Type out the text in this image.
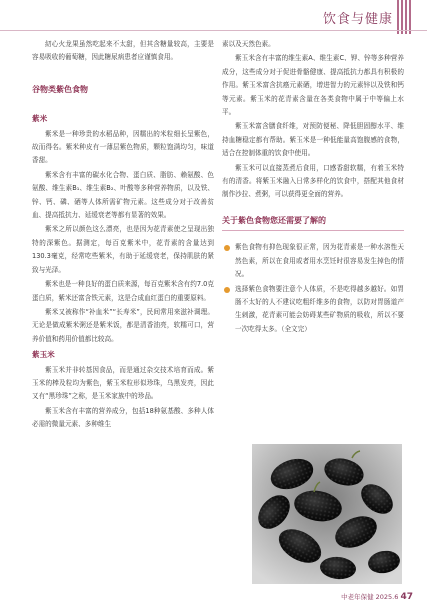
饮食与健康

糿心火龙果虽然吃起来不太甜，但其含糖量较高，主要是容易吸收的葡萄糖，因此糖尿病患者应谨慎食用。

谷物类紫色食物
紫米

紫米是一种珍贵的水稻品种，因糯出的米粒细长呈紫色，故而得名。紫米种皮有一薄层紫色物质，颗粒饱满均匀，味道香甜。

紫米含有丰富的碳水化合物、蛋白质、脂肪、赖氨酸、色氨酸、维生素B₁、维生素B₂、叶酸等多种营养物质，以及铁、锌、钙、磷、硒等人体所需矿物元素。这些成分对于改善贫血、提高抵抗力、延缓衰老等都有显著的效果。

紫米之所以颜色这么漂亮，也是因为花青素使之呈现出独特的深紫色。据测定，每百克紫米中，花青素的含量达到130.3毫克，经常吃些紫米，有助于延缓衰老，保持肌肤的紧致与光泽。

紫米也是一种良好的蛋白质来源，每百克紫米含有约7.0克蛋白质，紫米还富含铁元素，这是合成血红蛋白的重要原料。

紫米又被称作“补血米”“长寿米”，民间常用来滋补调理。无论是做成紫米粥还是紫米饭，都是清香油亮，软糯可口，营养价值和药用价值都比较高。

紫玉米

紫玉米并非转基因食品，而是通过杂交技术培育而成。紫玉米的棒及粒均为紫色，紫玉米粒形似珍珠，乌黑发亮，因此又有“黑珍珠”之称，是玉米家族中的珍品。

紫玉米含有丰富的营养成分，包括18种氨基酸、多种人体必需的微量元素、多种维生

素以及天然色素。

紫玉米含有丰富的维生素A、维生素C、钾、锌等多种营养成分，这些成分对于促进骨骼健康、提高抵抗力都具有积极的作用。紫玉米富含抗癌元素硒，增进智力的元素锌以及铁和钙等元素。紫玉米的花青素含量在各类食物中属于中等偏上水平。

紫玉米富含膳食纤维，对预防便秘、降低胆固醇水平、维持血糖稳定都有帮助。紫玉米是一种低能量高饱腹感的食物，适合在控制体重的饮食中使用。

紫玉米可以直接蒸煮后食用，口感香甜软糯，有着玉米特有的清香。将紫玉米融入日常多样化的饮食中，搭配其他食材制作沙拉、煮粥，可以获得更全面的营养。

关于紫色食物您还需要了解的

紫色食物有抑色现象很正常，因为花青素是一种水溶性天然色素，所以在食用或者用水烹饪时很容易发生掉色的情况。

选择紫色食物要注意个人体质，不是吃得越多越好。如胃肠不太好的人不建议吃粗纤维多的食物，以防对胃肠道产生刺激，花青素可能会妨碍某些矿物质的吸收，所以不要一次吃得太多。（全文完）

中老年保健 2025.6 47
